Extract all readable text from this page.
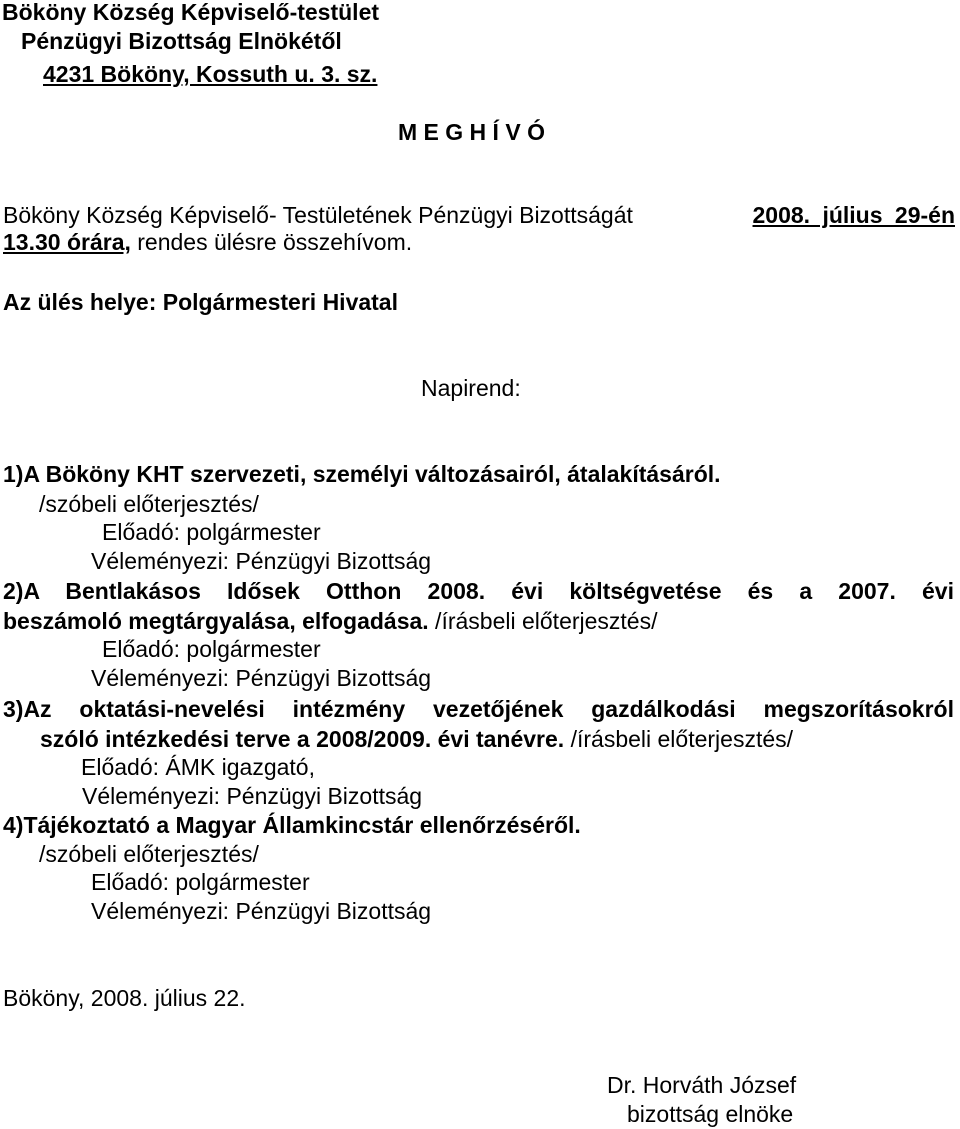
Bököny Község Képviselő-testület
Pénzügyi Bizottság Elnökétől
4231 Bököny, Kossuth u. 3. sz.
M E G H Í V Ó
Bököny Község Képviselő- Testületének Pénzügyi Bizottságát	2008. július 29-én
13.30 órára, rendes ülésre összehívom.
Az ülés helye: Polgármesteri Hivatal
Napirend:
1)A Bököny KHT szervezeti, személyi változásairól, átalakításáról.
/szóbeli előterjesztés/
Előadó: polgármester
Véleményezi: Pénzügyi Bizottság
2)A Bentlakásos Idősek Otthon 2008. évi költségvetése és a 2007. évi
beszámoló megtárgyalása, elfogadása. /írásbeli előterjesztés/
Előadó: polgármester
Véleményezi: Pénzügyi Bizottság
3)Az oktatási-nevelési intézmény vezetőjének gazdálkodási megszorításokról
szóló intézkedési terve a 2008/2009. évi tanévre. /írásbeli előterjesztés/
Előadó: ÁMK igazgató,
Véleményezi: Pénzügyi Bizottság
4)Tájékoztató a Magyar Államkincstár ellenőrzéséről.
/szóbeli előterjesztés/
Előadó: polgármester
Véleményezi: Pénzügyi Bizottság
Bököny, 2008. július 22.
Dr. Horváth József
bizottság elnöke
